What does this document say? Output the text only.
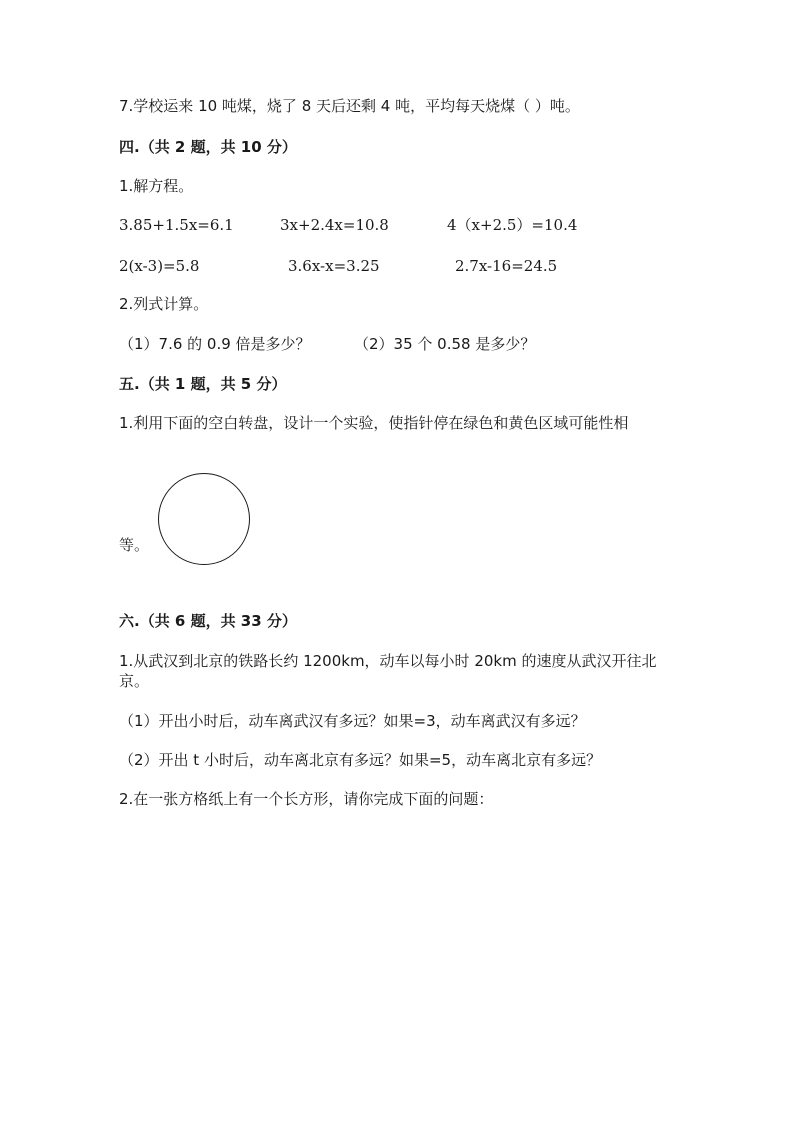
7.学校运来 10 吨煤，烧了 8 天后还剩 4 吨，平均每天烧煤（ ）吨。
四.（共 2 题，共 10 分）
1.解方程。
3.85+1.5x=6.1	3x+2.4x=10.8	4（x+2.5）=10.4
2(x-3)=5.8	3.6x-x=3.25	2.7x-16=24.5
2.列式计算。
（1）7.6 的 0.9 倍是多少？	（2）35 个 0.58 是多少？
五.（共 1 题，共 5 分）
1.利用下面的空白转盘，设计一个实验，使指针停在绿色和黄色区域可能性相
等。
六.（共 6 题，共 33 分）
1.从武汉到北京的铁路长约 1200km，动车以每小时 20km 的速度从武汉开往北
京。
（1）开出小时后，动车离武汉有多远？如果=3，动车离武汉有多远？
（2）开出 t 小时后，动车离北京有多远？如果=5，动车离北京有多远？
2.在一张方格纸上有一个长方形，请你完成下面的问题：
